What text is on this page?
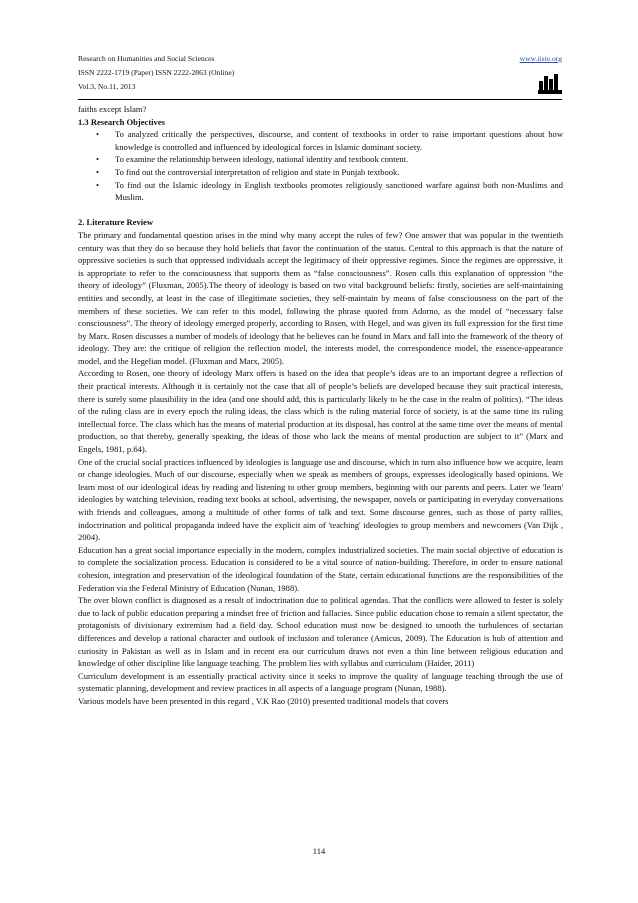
Research on Humanities and Social Sciences
ISSN 2222-1719 (Paper) ISSN 2222-2863 (Online)
Vol.3, No.11, 2013
www.iiste.org

faiths except Islam?

1.3 Research Objectives

• To analyzed critically the perspectives, discourse, and content of textbooks in order to raise important questions about how knowledge is controlled and influenced by ideological forces in Islamic dominant society.
• To examine the relationship between ideology, national identity and textbook content.
• To find out the controversial interpretation of religion and state in Punjab textbook.
• To find out the Islamic ideology in English textbooks promotes religiously sanctioned warfare against both non-Muslims and Muslim.

2. Literature Review

The primary and fundamental question arises in the mind why many accept the rules of few? One answer that was popular in the twentieth century was that they do so because they hold beliefs that favor the continuation of the status. Central to this approach is that the nature of oppressive societies is such that oppressed individuals accept the legitimacy of their oppressive regimes. Since the regimes are oppressive, it is appropriate to refer to the consciousness that supports them as “false consciousness”. Rosen calls this explanation of oppression “the theory of ideology” (Fluxman, 2005).The theory of ideology is based on two vital background beliefs: firstly, societies are self-maintaining entities and secondly, at least in the case of illegitimate societies, they self-maintain by means of false consciousness on the part of the members of these societies. We can refer to this model, following the phrase quoted from Adorno, as the model of “necessary false consciousness”. The theory of ideology emerged properly, according to Rosen, with Hegel, and was given its full expression for the first time by Marx. Rosen discusses a number of models of ideology that he believes can be found in Marx and fall into the framework of the theory of ideology. They are: the critique of religion the reflection model, the interests model, the correspondence model, the essence-appearance model, and the Hegelian model. (Fluxman and Marx, 2005).

According to Rosen, one theory of ideology Marx offers is based on the idea that people’s ideas are to an important degree a reflection of their practical interests. Although it is certainly not the case that all of people’s beliefs are developed because they suit practical interests, there is surely some plausibility in the idea (and one should add, this is particularly likely to be the case in the realm of politics). “The ideas of the ruling class are in every epoch the ruling ideas, the class which is the ruling material force of society, is at the same time its ruling intellectual force. The class which has the means of material production at its disposal, has control at the same time over the means of mental production, so that thereby, generally speaking, the ideas of those who lack the means of mental production are subject to it” (Marx and Engels, 1981, p.64).

One of the crucial social practices influenced by ideologies is language use and discourse, which in turn also influence how we acquire, learn or change ideologies. Much of our discourse, especially when we speak as members of groups, expresses ideologically based opinions. We learn most of our ideological ideas by reading and listening to other group members, beginning with our parents and peers. Later we 'learn' ideologies by watching television, reading text books at school, advertising, the newspaper, novels or participating in everyday conversations with friends and colleagues, among a multitude of other forms of talk and text. Some discourse genres, such as those of party rallies, indoctrination and political propaganda indeed have the explicit aim of 'teaching' ideologies to group members and newcomers (Van Dijk , 2004).

Education has a great social importance especially in the modern, complex industrialized societies. The main social objective of education is to complete the socialization process. Education is considered to be a vital source of nation-building. Therefore, in order to ensure national cohesion, integration and preservation of the ideological foundation of the State, certain educational functions are the responsibilities of the Federation via the Federal Ministry of Education (Nunan, 1988).

The over blown conflict is diagnosed as a result of indoctrination due to political agendas. That the conflicts were allowed to fester is solely due to lack of public education preparing a mindset free of friction and fallacies. Since public education chose to remain a silent spectator, the protagonists of divisionary extremism had a field day. School education must now be designed to smooth the turbulences of sectarian differences and develop a rational character and outlook of inclusion and tolerance (Amicus, 2009). The Education is hub of attention and curiosity in Pakistan as well as in Islam and in recent era our curriculum draws not even a thin line between religious education and knowledge of other discipline like language teaching. The problem lies with syllabus and curriculum (Haider, 2011)

Curriculum development is an essentially practical activity since it seeks to improve the quality of language teaching through the use of systematic planning, development and review practices in all aspects of a language program (Nunan, 1988).

Various models have been presented in this regard , V.K Rao (2010) presented traditional models that covers

114
